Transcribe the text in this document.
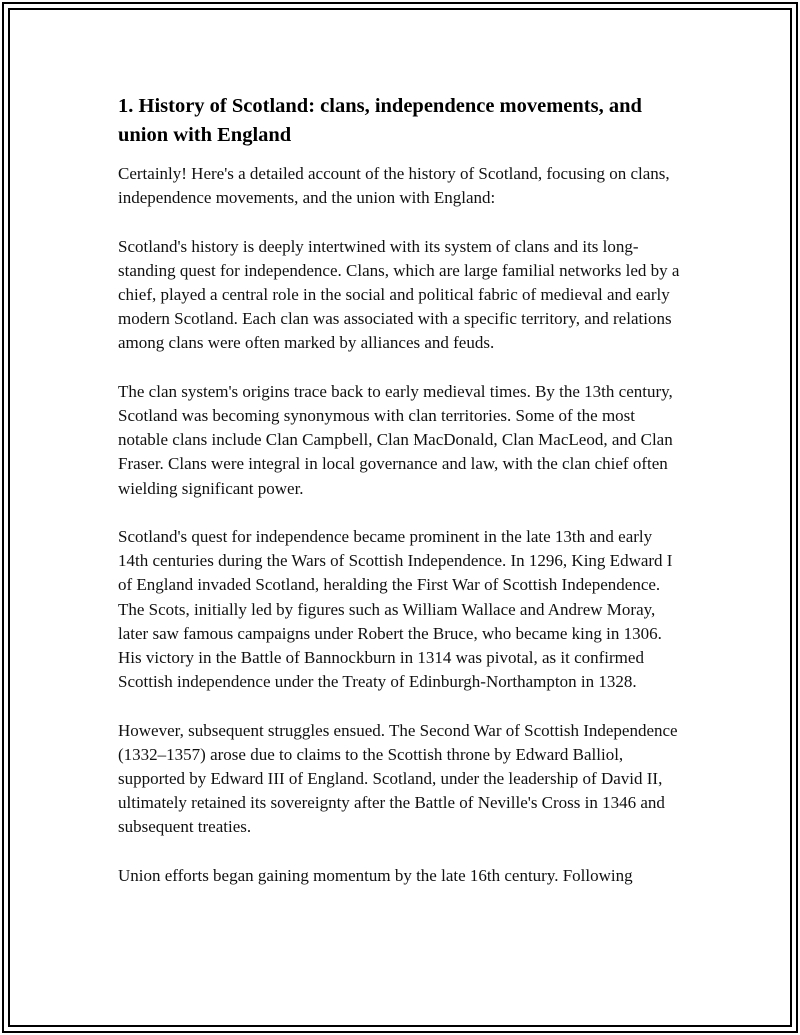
1. History of Scotland: clans, independence movements, and union with England

Certainly! Here's a detailed account of the history of Scotland, focusing on clans, independence movements, and the union with England:

Scotland's history is deeply intertwined with its system of clans and its long-standing quest for independence. Clans, which are large familial networks led by a chief, played a central role in the social and political fabric of medieval and early modern Scotland. Each clan was associated with a specific territory, and relations among clans were often marked by alliances and feuds.

The clan system's origins trace back to early medieval times. By the 13th century, Scotland was becoming synonymous with clan territories. Some of the most notable clans include Clan Campbell, Clan MacDonald, Clan MacLeod, and Clan Fraser. Clans were integral in local governance and law, with the clan chief often wielding significant power.

Scotland's quest for independence became prominent in the late 13th and early 14th centuries during the Wars of Scottish Independence. In 1296, King Edward I of England invaded Scotland, heralding the First War of Scottish Independence. The Scots, initially led by figures such as William Wallace and Andrew Moray, later saw famous campaigns under Robert the Bruce, who became king in 1306. His victory in the Battle of Bannockburn in 1314 was pivotal, as it confirmed Scottish independence under the Treaty of Edinburgh-Northampton in 1328.

However, subsequent struggles ensued. The Second War of Scottish Independence (1332–1357) arose due to claims to the Scottish throne by Edward Balliol, supported by Edward III of England. Scotland, under the leadership of David II, ultimately retained its sovereignty after the Battle of Neville's Cross in 1346 and subsequent treaties.

Union efforts began gaining momentum by the late 16th century. Following
